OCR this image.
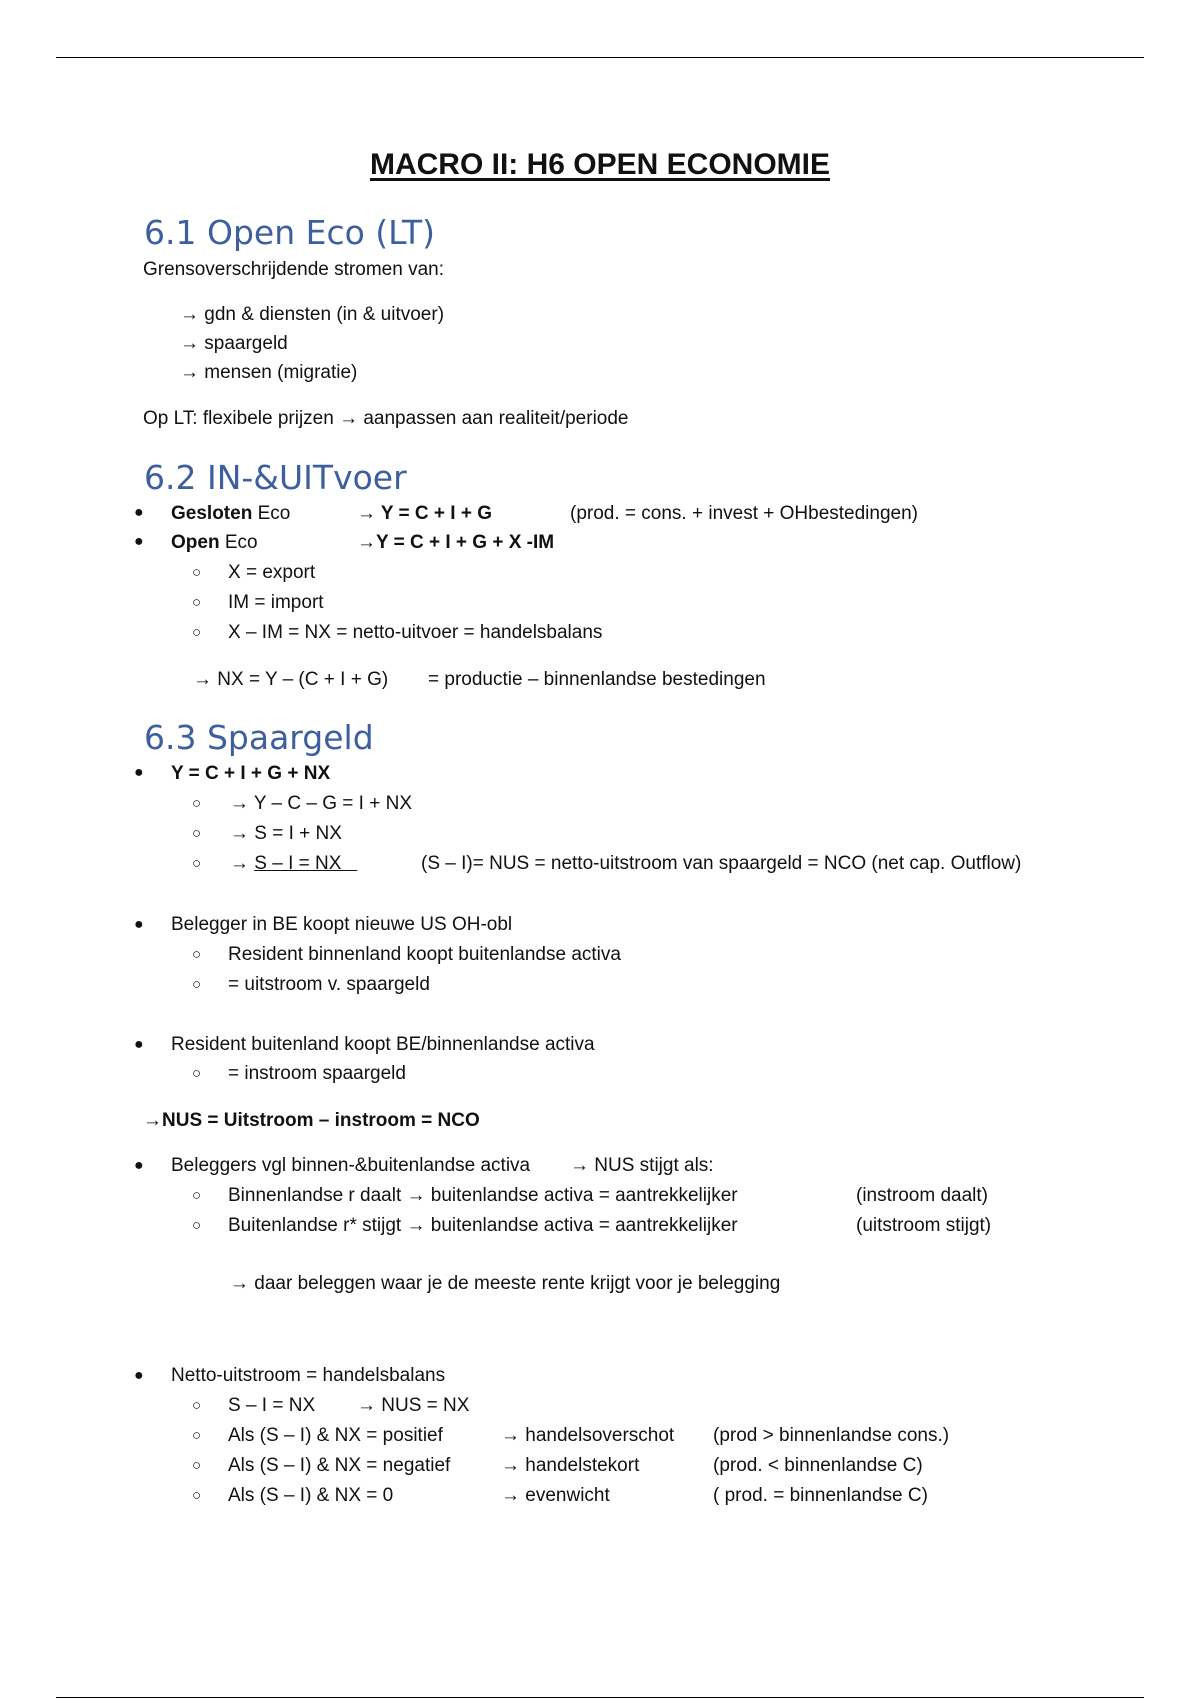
MACRO II: H6 OPEN ECONOMIE
6.1 Open Eco (LT)
Grensoverschrijdende stromen van:
→ gdn & diensten (in & uitvoer)
→ spaargeld
→ mensen (migratie)
Op LT: flexibele prijzen → aanpassen aan realiteit/periode
6.2 IN-&UITvoer
● Gesloten Eco	→ Y = C + I + G	(prod. = cons. + invest + OHbestedingen)
● Open Eco	→Y = C + I + G + X -IM
○ X = export
○ IM = import
○ X – IM = NX = netto-uitvoer = handelsbalans
→ NX = Y – (C + I + G) = productie – binnenlandse bestedingen
6.3 Spaargeld
● Y = C + I + G + NX
○ → Y – C – G = I + NX
○ → S = I + NX
○ → S – I = NX	(S – I)= NUS = netto-uitstroom van spaargeld = NCO (net cap. Outflow)
● Belegger in BE koopt nieuwe US OH-obl
○ Resident binnenland koopt buitenlandse activa
○ = uitstroom v. spaargeld
● Resident buitenland koopt BE/binnenlandse activa
○ = instroom spaargeld
→NUS = Uitstroom – instroom = NCO
● Beleggers vgl binnen-&buitenlandse activa → NUS stijgt als:
○ Binnenlandse r daalt → buitenlandse activa = aantrekkelijker	(instroom daalt)
○ Buitenlandse r* stijgt → buitenlandse activa = aantrekkelijker	(uitstroom stijgt)
→ daar beleggen waar je de meeste rente krijgt voor je belegging
● Netto-uitstroom = handelsbalans
○ S – I = NX → NUS = NX
○ Als (S – I) & NX = positief	→ handelsoverschot (prod > binnenlandse cons.)
○ Als (S – I) & NX = negatief	→ handelstekort	(prod. < binnenlandse C)
○ Als (S – I) & NX = 0	→ evenwicht	( prod. = binnenlandse C)
